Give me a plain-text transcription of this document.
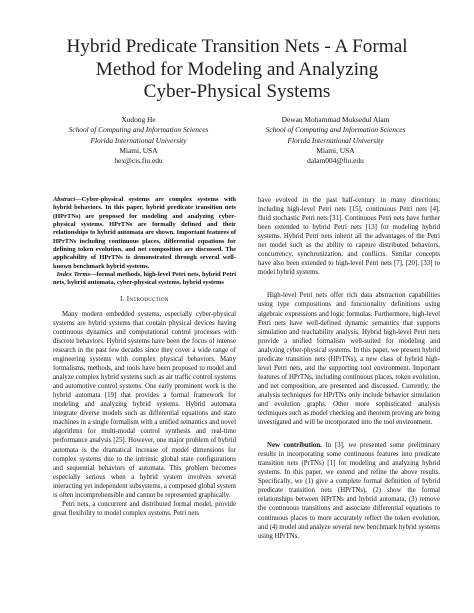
Hybrid Predicate Transition Nets - A Formal
Method for Modeling and Analyzing
Cyber-Physical Systems
Xudong He
School of Computing and Information Sciences
Florida International University
Miami, USA
hex@cis.fiu.edu
Dewan Mohammad Moksedul Alam
School of Computing and Information Sciences
Florida International University
Miami, USA
dalam004@fiu.edu
Abstract—Cyber-physical systems are complex systems with hybrid behaviors. In this paper, hybrid predicate transition nets (HPrTNs) are proposed for modeling and analyzing cyber-physical systems. HPrTNs are formally defined and their relationships to hybrid automata are shown. Important features of HPrTNs including continuous places, differential equations for defining token evolution, and net composition are discussed. The applicability of HPrTNs is demonstrated through several well-known benchmark hybrid systems.
Index Terms—formal methods, high-level Petri nets, hybrid Petri nets, hybrid automata, cyber-physical systems, hybrid systems
I. Introduction

Many modern embedded systems, especially cyber-physical systems are hybrid systems that contain physical devices having continuous dynamics and computational control processes with discrete behaviors. Hybrid systems have been the focus of intense research in the past few decades since they cover a wide range of engineering systems with complex physical behaviors. Many formalisms, methods, and tools have been proposed to model and analyze complex hybrid systems such as air traffic control systems and automotive control systems. One early prominent work is the hybrid automata [19] that provides a formal framework for modeling and analyzing hybrid systems. Hybrid automata integrate diverse models such as differential equations and state machines in a single formalism with a unified semantics and novel algorithms for multi-modal control synthesis and real-time performance analysis [25]. However, one major problem of hybrid automata is the dramatical increase of model dimensions for complex systems due to the intrinsic global state configurations and sequential behaviors of automata. This problem becomes especially serious when a hybrid system involves several interacting yet independent subsystems, a composed global system is often incomprehensible and cannot be represented graphically.

Petri nets, a concurrent and distributed formal model, provide great flexibility to model complex systems. Petri nets

have evolved in the past half-century in many directions; including high-level Petri nets [15], continuous Petri nets [4], fluid stochastic Petri nets [31]. Continuous Petri nets have further been extended to hybrid Petri nets [13] for modeling hybrid systems. Hybrid Petri nets inherit all the advantages of the Petri net model such as the ability to capture distributed behaviors, concurrency, synchronization, and conflicts. Similar concepts have also been extended to high-level Petri nets [7], [20], [33] to model hybrid systems.

High-level Petri nets offer rich data abstraction capabilities using type compositions and functionality definitions using algebraic expressions and logic formulas. Furthermore, high-level Petri nets have well-defined dynamic semantics that supports simulation and reachability analysis. Hybrid high-level Petri nets provide a unified formalism well-suited for modeling and analyzing cyber-physical systems. In this paper, we present hybrid predicate transition nets (HPrTNs), a new class of hybrid high-level Petri nets, and the supporting tool environment. Important features of HPrTNs, including continuous places, token evolution, and net composition, are presented and discussed. Currently, the analysis techniques for HPrTNs only include behavior simulation and evolution graphs. Other more sophisticated analysis techniques such as model checking and theorem proving are being investigated and will be incorporated into the tool environment.

New contribution. In [3], we presented some preliminary results in incorporating some continuous features into predicate transition nets (PrTNs) [1] for modeling and analyzing hybrid systems. In this paper, we extend and refine the above results. Specifically, we (1) give a complete formal definition of hybrid predicate transition nets (HPrTNs), (2) show the formal relationships between HPrTNs and hybrid automata, (3) remove the continuous transitions and associate differential equations to continuous places to more accurately reflect the token evolution, and (4) model and analyze several new benchmark hybrid systems using HPrTNs.
